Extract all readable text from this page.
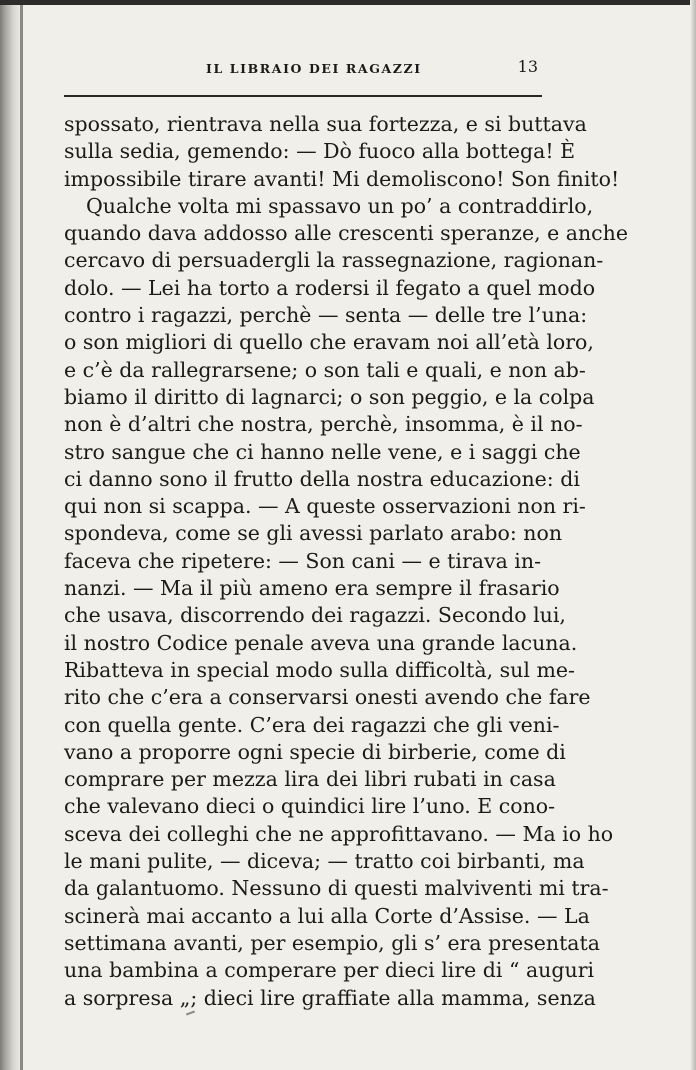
IL LIBRAIO DEI RAGAZZI	13
spossato, rientrava nella sua fortezza, e si buttava
sulla sedia, gemendo: — Dò fuoco alla bottega! È
impossibile tirare avanti! Mi demoliscono! Son finito!
Qualche volta mi spassavo un po’ a contraddirlo,
quando dava addosso alle crescenti speranze, e anche
cercavo di persuadergli la rassegnazione, ragionan-
dolo. — Lei ha torto a rodersi il fegato a quel modo
contro i ragazzi, perchè — senta — delle tre l’una:
o son migliori di quello che eravam noi all’età loro,
e c’è da rallegrarsene; o son tali e quali, e non ab-
biamo il diritto di lagnarci; o son peggio, e la colpa
non è d’altri che nostra, perchè, insomma, è il no-
stro sangue che ci hanno nelle vene, e i saggi che
ci danno sono il frutto della nostra educazione: di
qui non si scappa. — A queste osservazioni non ri-
spondeva, come se gli avessi parlato arabo: non
faceva che ripetere: — Son cani — e tirava in-
nanzi. — Ma il più ameno era sempre il frasario
che usava, discorrendo dei ragazzi. Secondo lui,
il nostro Codice penale aveva una grande lacuna.
Ribatteva in special modo sulla difficoltà, sul me-
rito che c’era a conservarsi onesti avendo che fare
con quella gente. C’era dei ragazzi che gli veni-
vano a proporre ogni specie di birberie, come di
comprare per mezza lira dei libri rubati in casa
che valevano dieci o quindici lire l’uno. E cono-
sceva dei colleghi che ne approfittavano. — Ma io ho
le mani pulite, — diceva; — tratto coi birbanti, ma
da galantuomo. Nessuno di questi malviventi mi tra-
scinerà mai accanto a lui alla Corte d’Assise. — La
settimana avanti, per esempio, gli s’ era presentata
una bambina a comperare per dieci lire di “ auguri
a sorpresa „; dieci lire graffiate alla mamma, senza
